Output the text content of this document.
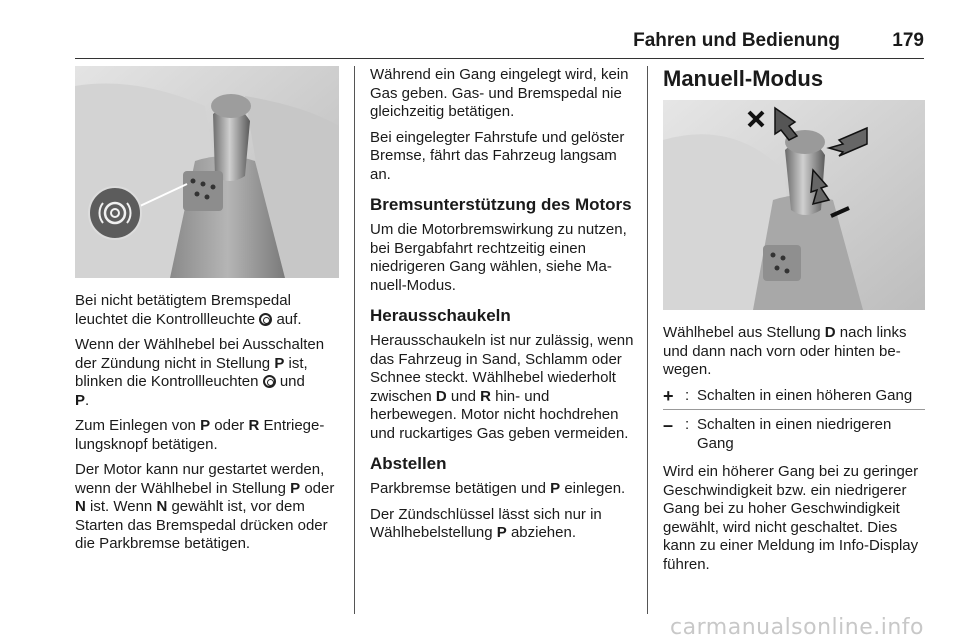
Fahren und Bedienung	179

Bei nicht betätigtem Bremspedal leuchtet die Kontrollleuchte auf.

Wenn der Wählhebel bei Ausschalten der Zündung nicht in Stellung P ist, blinken die Kontrollleuchten und
P.

Zum Einlegen von P oder R Entriegelungsknopf betätigen.

Der Motor kann nur gestartet werden, wenn der Wählhebel in Stellung P oder N ist. Wenn N gewählt ist, vor dem Starten das Bremspedal drücken oder die Parkbremse betätigen.

Während ein Gang eingelegt wird, kein Gas geben. Gas- und Bremspedal nie gleichzeitig betätigen.

Bei eingelegter Fahrstufe und gelöster Bremse, fährt das Fahrzeug langsam an.

Bremsunterstützung des Motors

Um die Motorbremswirkung zu nutzen, bei Bergabfahrt rechtzeitig einen niedrigeren Gang wählen, siehe Manuell-Modus.

Herausschaukeln

Herausschaukeln ist nur zulässig, wenn das Fahrzeug in Sand, Schlamm oder Schnee steckt. Wählhebel wiederholt zwischen D und R hin- und herbewegen. Motor nicht hochdrehen und ruckartiges Gas geben vermeiden.

Abstellen

Parkbremse betätigen und P einlegen.

Der Zündschlüssel lässt sich nur in Wählhebelstellung P abziehen.

Manuell-Modus

Wählhebel aus Stellung D nach links und dann nach vorn oder hinten bewegen.

+ : Schalten in einen höheren Gang
– : Schalten in einen niedrigeren Gang

Wird ein höherer Gang bei zu geringer Geschwindigkeit bzw. ein niedrigerer Gang bei zu hoher Geschwindigkeit gewählt, wird nicht geschaltet. Dies kann zu einer Meldung im Info-Display führen.

carmanualsonline.info
